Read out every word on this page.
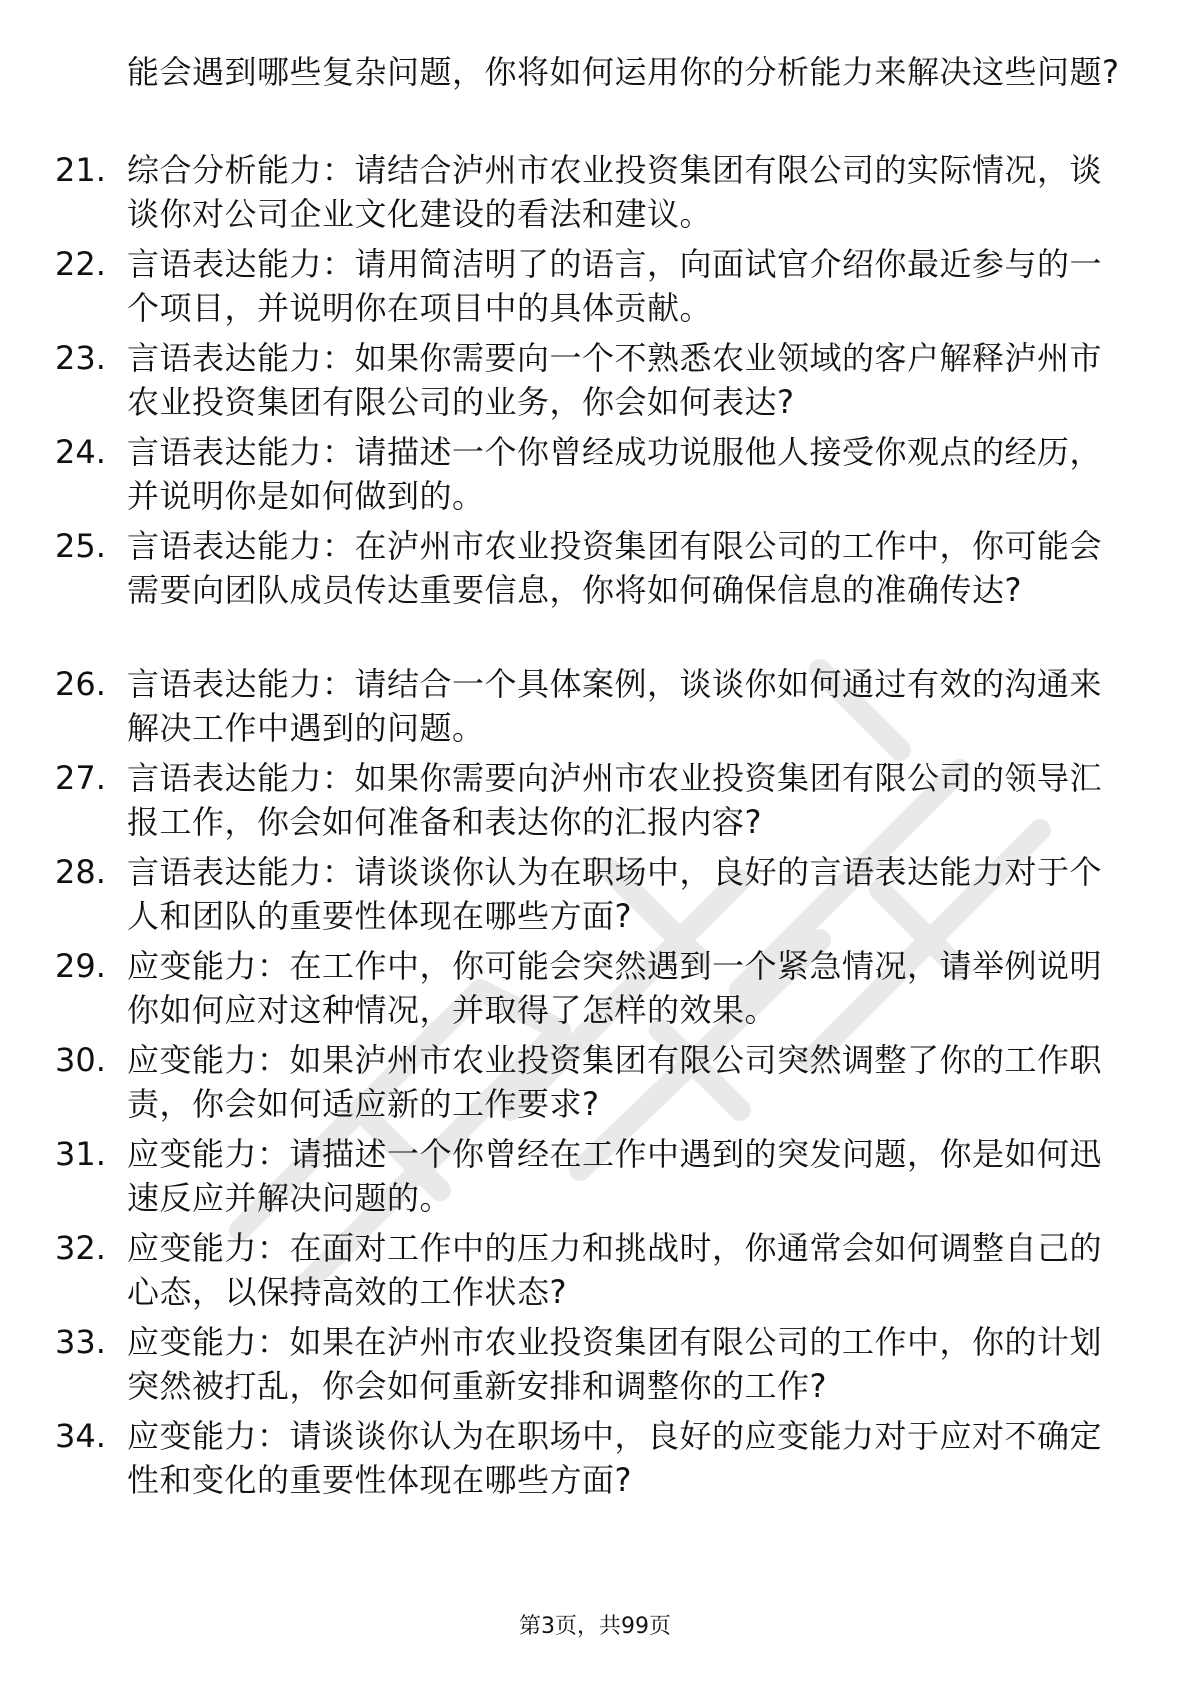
能会遇到哪些复杂问题，你将如何运用你的分析能力来解决这些问题?
21. 综合分析能力：请结合泸州市农业投资集团有限公司的实际情况，谈谈你对公司企业文化建设的看法和建议。
22. 言语表达能力：请用简洁明了的语言，向面试官介绍你最近参与的一个项目，并说明你在项目中的具体贡献。
23. 言语表达能力：如果你需要向一个不熟悉农业领域的客户解释泸州市农业投资集团有限公司的业务，你会如何表达?
24. 言语表达能力：请描述一个你曾经成功说服他人接受你观点的经历，并说明你是如何做到的。
25. 言语表达能力：在泸州市农业投资集团有限公司的工作中，你可能会需要向团队成员传达重要信息，你将如何确保信息的准确传达?
26. 言语表达能力：请结合一个具体案例，谈谈你如何通过有效的沟通来解决工作中遇到的问题。
27. 言语表达能力：如果你需要向泸州市农业投资集团有限公司的领导汇报工作，你会如何准备和表达你的汇报内容?
28. 言语表达能力：请谈谈你认为在职场中，良好的言语表达能力对于个人和团队的重要性体现在哪些方面?
29. 应变能力：在工作中，你可能会突然遇到一个紧急情况，请举例说明你如何应对这种情况，并取得了怎样的效果。
30. 应变能力：如果泸州市农业投资集团有限公司突然调整了你的工作职责，你会如何适应新的工作要求?
31. 应变能力：请描述一个你曾经在工作中遇到的突发问题，你是如何迅速反应并解决问题的。
32. 应变能力：在面对工作中的压力和挑战时，你通常会如何调整自己的心态，以保持高效的工作状态?
33. 应变能力：如果在泸州市农业投资集团有限公司的工作中，你的计划突然被打乱，你会如何重新安排和调整你的工作?
34. 应变能力：请谈谈你认为在职场中，良好的应变能力对于应对不确定性和变化的重要性体现在哪些方面?
第3页，共99页
